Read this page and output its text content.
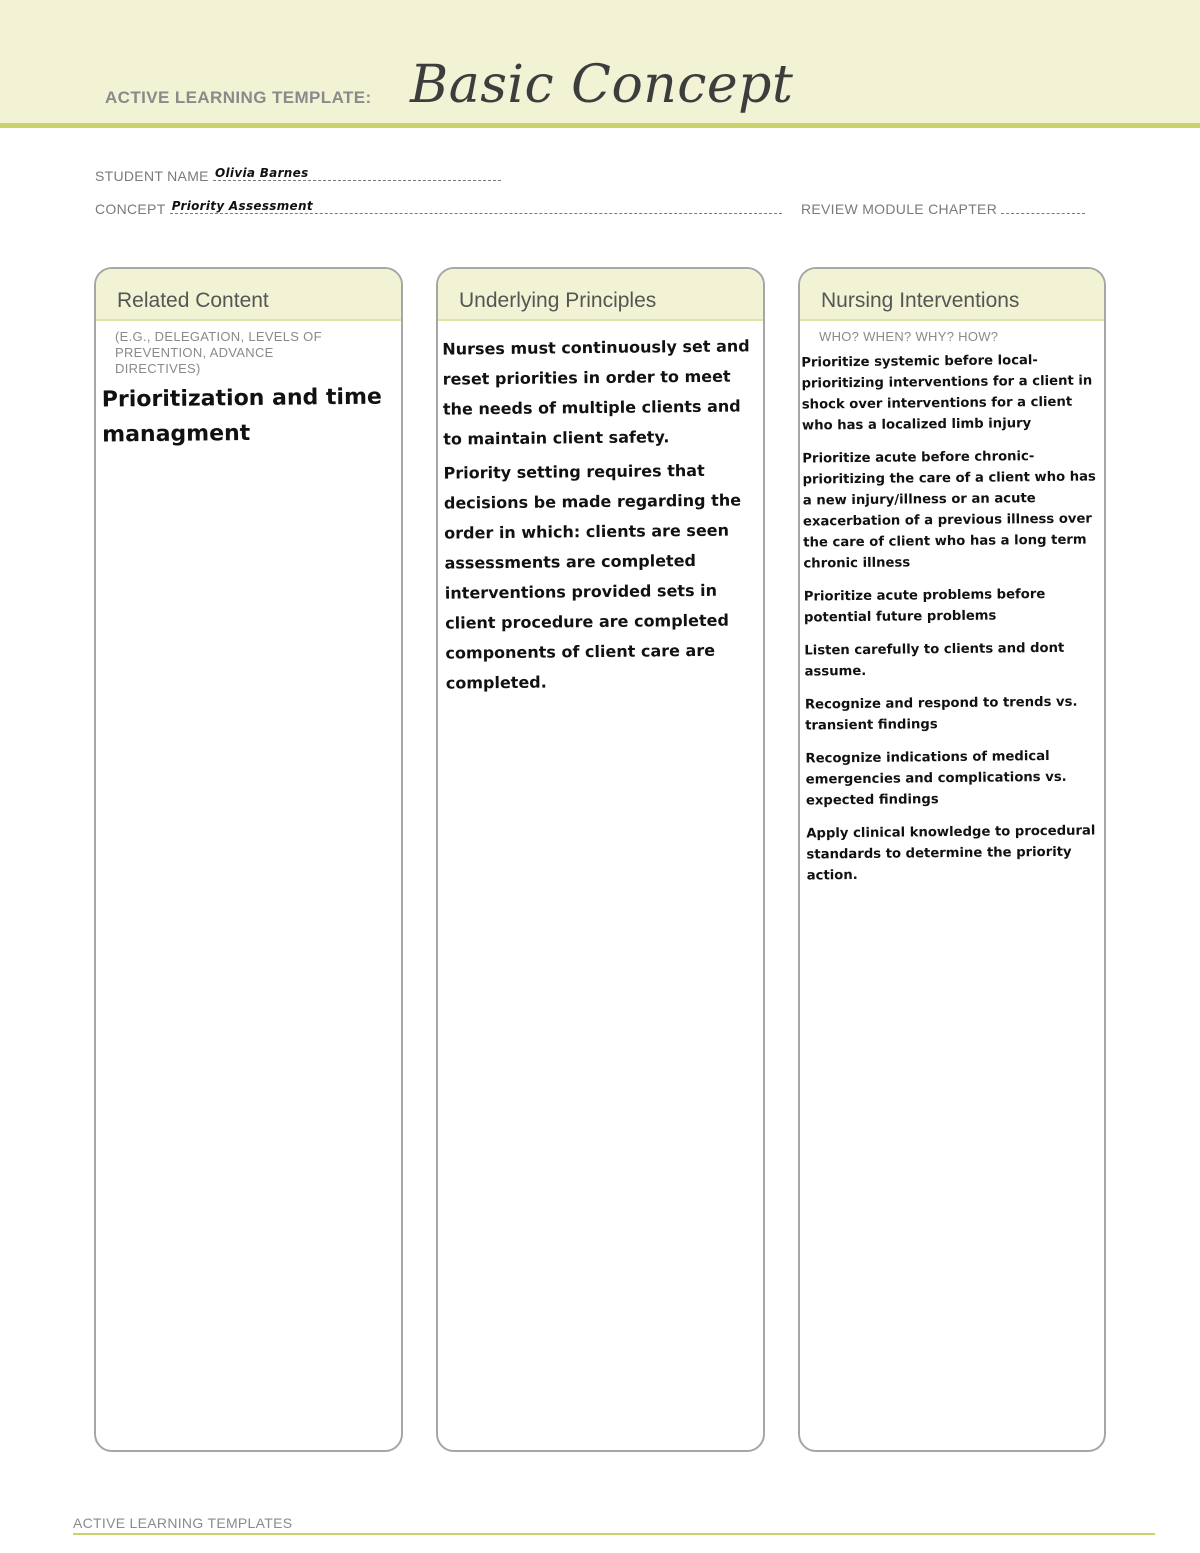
ACTIVE LEARNING TEMPLATE: Basic Concept
STUDENT NAME Olivia Barnes
CONCEPT Priority Assessment	REVIEW MODULE CHAPTER
Related Content
(E.G., DELEGATION, LEVELS OF PREVENTION, ADVANCE DIRECTIVES)
Prioritization and time managment
Underlying Principles

Nurses must continuously set and reset priorities in order to meet the needs of multiple clients and to maintain client safety.

Priority setting requires that decisions be made regarding the order in which: clients are seen assessments are completed interventions provided sets in client procedure are completed components of client care are completed.

Nursing Interventions
WHO? WHEN? WHY? HOW?

Prioritize systemic before local-prioritizing interventions for a client in shock over interventions for a client who has a localized limb injury

Prioritize acute before chronic-prioritizing the care of a client who has a new injury/illness or an acute exacerbation of a previous illness over the care of client who has a long term chronic illness

Prioritize acute problems before potential future problems

Listen carefully to clients and dont assume.

Recognize and respond to trends vs. transient findings

Recognize indications of medical emergencies and complications vs. expected findings

Apply clinical knowledge to procedural standards to determine the priority action.

ACTIVE LEARNING TEMPLATES
